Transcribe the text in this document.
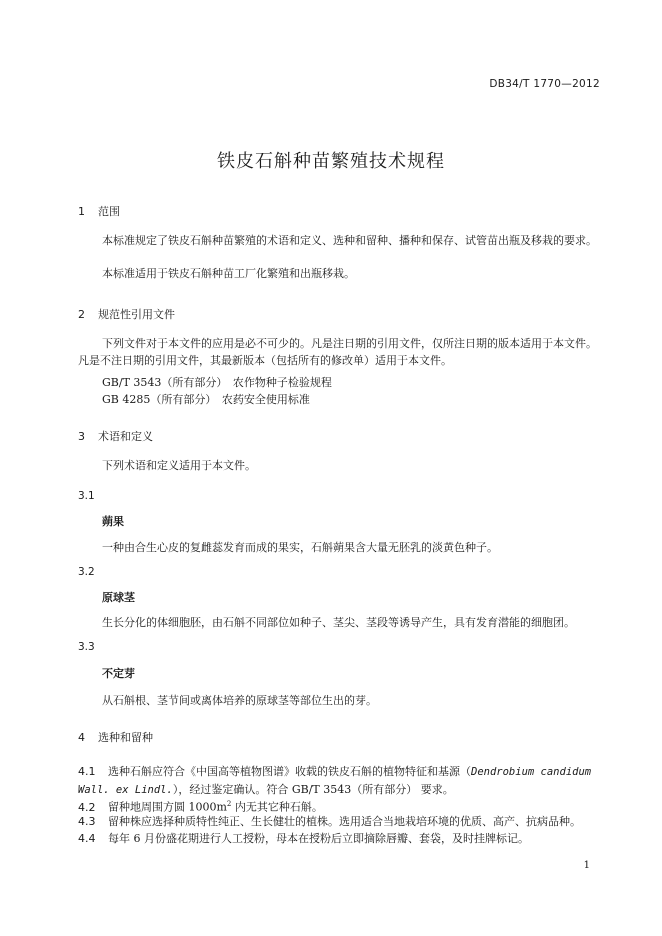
DB34/T 1770—2012
铁皮石斛种苗繁殖技术规程
1 范围
本标准规定了铁皮石斛种苗繁殖的术语和定义、选种和留种、播种和保存、试管苗出瓶及移栽的要求。
本标准适用于铁皮石斛种苗工厂化繁殖和出瓶移栽。
2 规范性引用文件
下列文件对于本文件的应用是必不可少的。凡是注日期的引用文件，仅所注日期的版本适用于本文件。凡是不注日期的引用文件，其最新版本（包括所有的修改单）适用于本文件。
GB/T 3543（所有部分）　农作物种子检验规程
GB 4285（所有部分）　农药安全使用标准
3 术语和定义
下列术语和定义适用于本文件。
3.1
蒴果
一种由合生心皮的复雌蕊发育而成的果实，石斛蒴果含大量无胚乳的淡黄色种子。
3.2
原球茎
生长分化的体细胞胚，由石斛不同部位如种子、茎尖、茎段等诱导产生，具有发育潜能的细胞团。
3.3
不定芽
从石斛根、茎节间或离体培养的原球茎等部位生出的芽。
4 选种和留种
4.1 选种石斛应符合《中国高等植物图谱》收载的铁皮石斛的植物特征和基源（Dendrobium candidum Wall. ex Lindl.），经过鉴定确认。符合 GB/T 3543（所有部分） 要求。
4.2 留种地周围方圆 $1000m^2$ 内无其它种石斛。
4.3 留种株应选择种质特性纯正、生长健壮的植株。选用适合当地栽培环境的优质、高产、抗病品种。
4.4 每年 6 月份盛花期进行人工授粉，母本在授粉后立即摘除唇瓣、套袋，及时挂牌标记。
1
